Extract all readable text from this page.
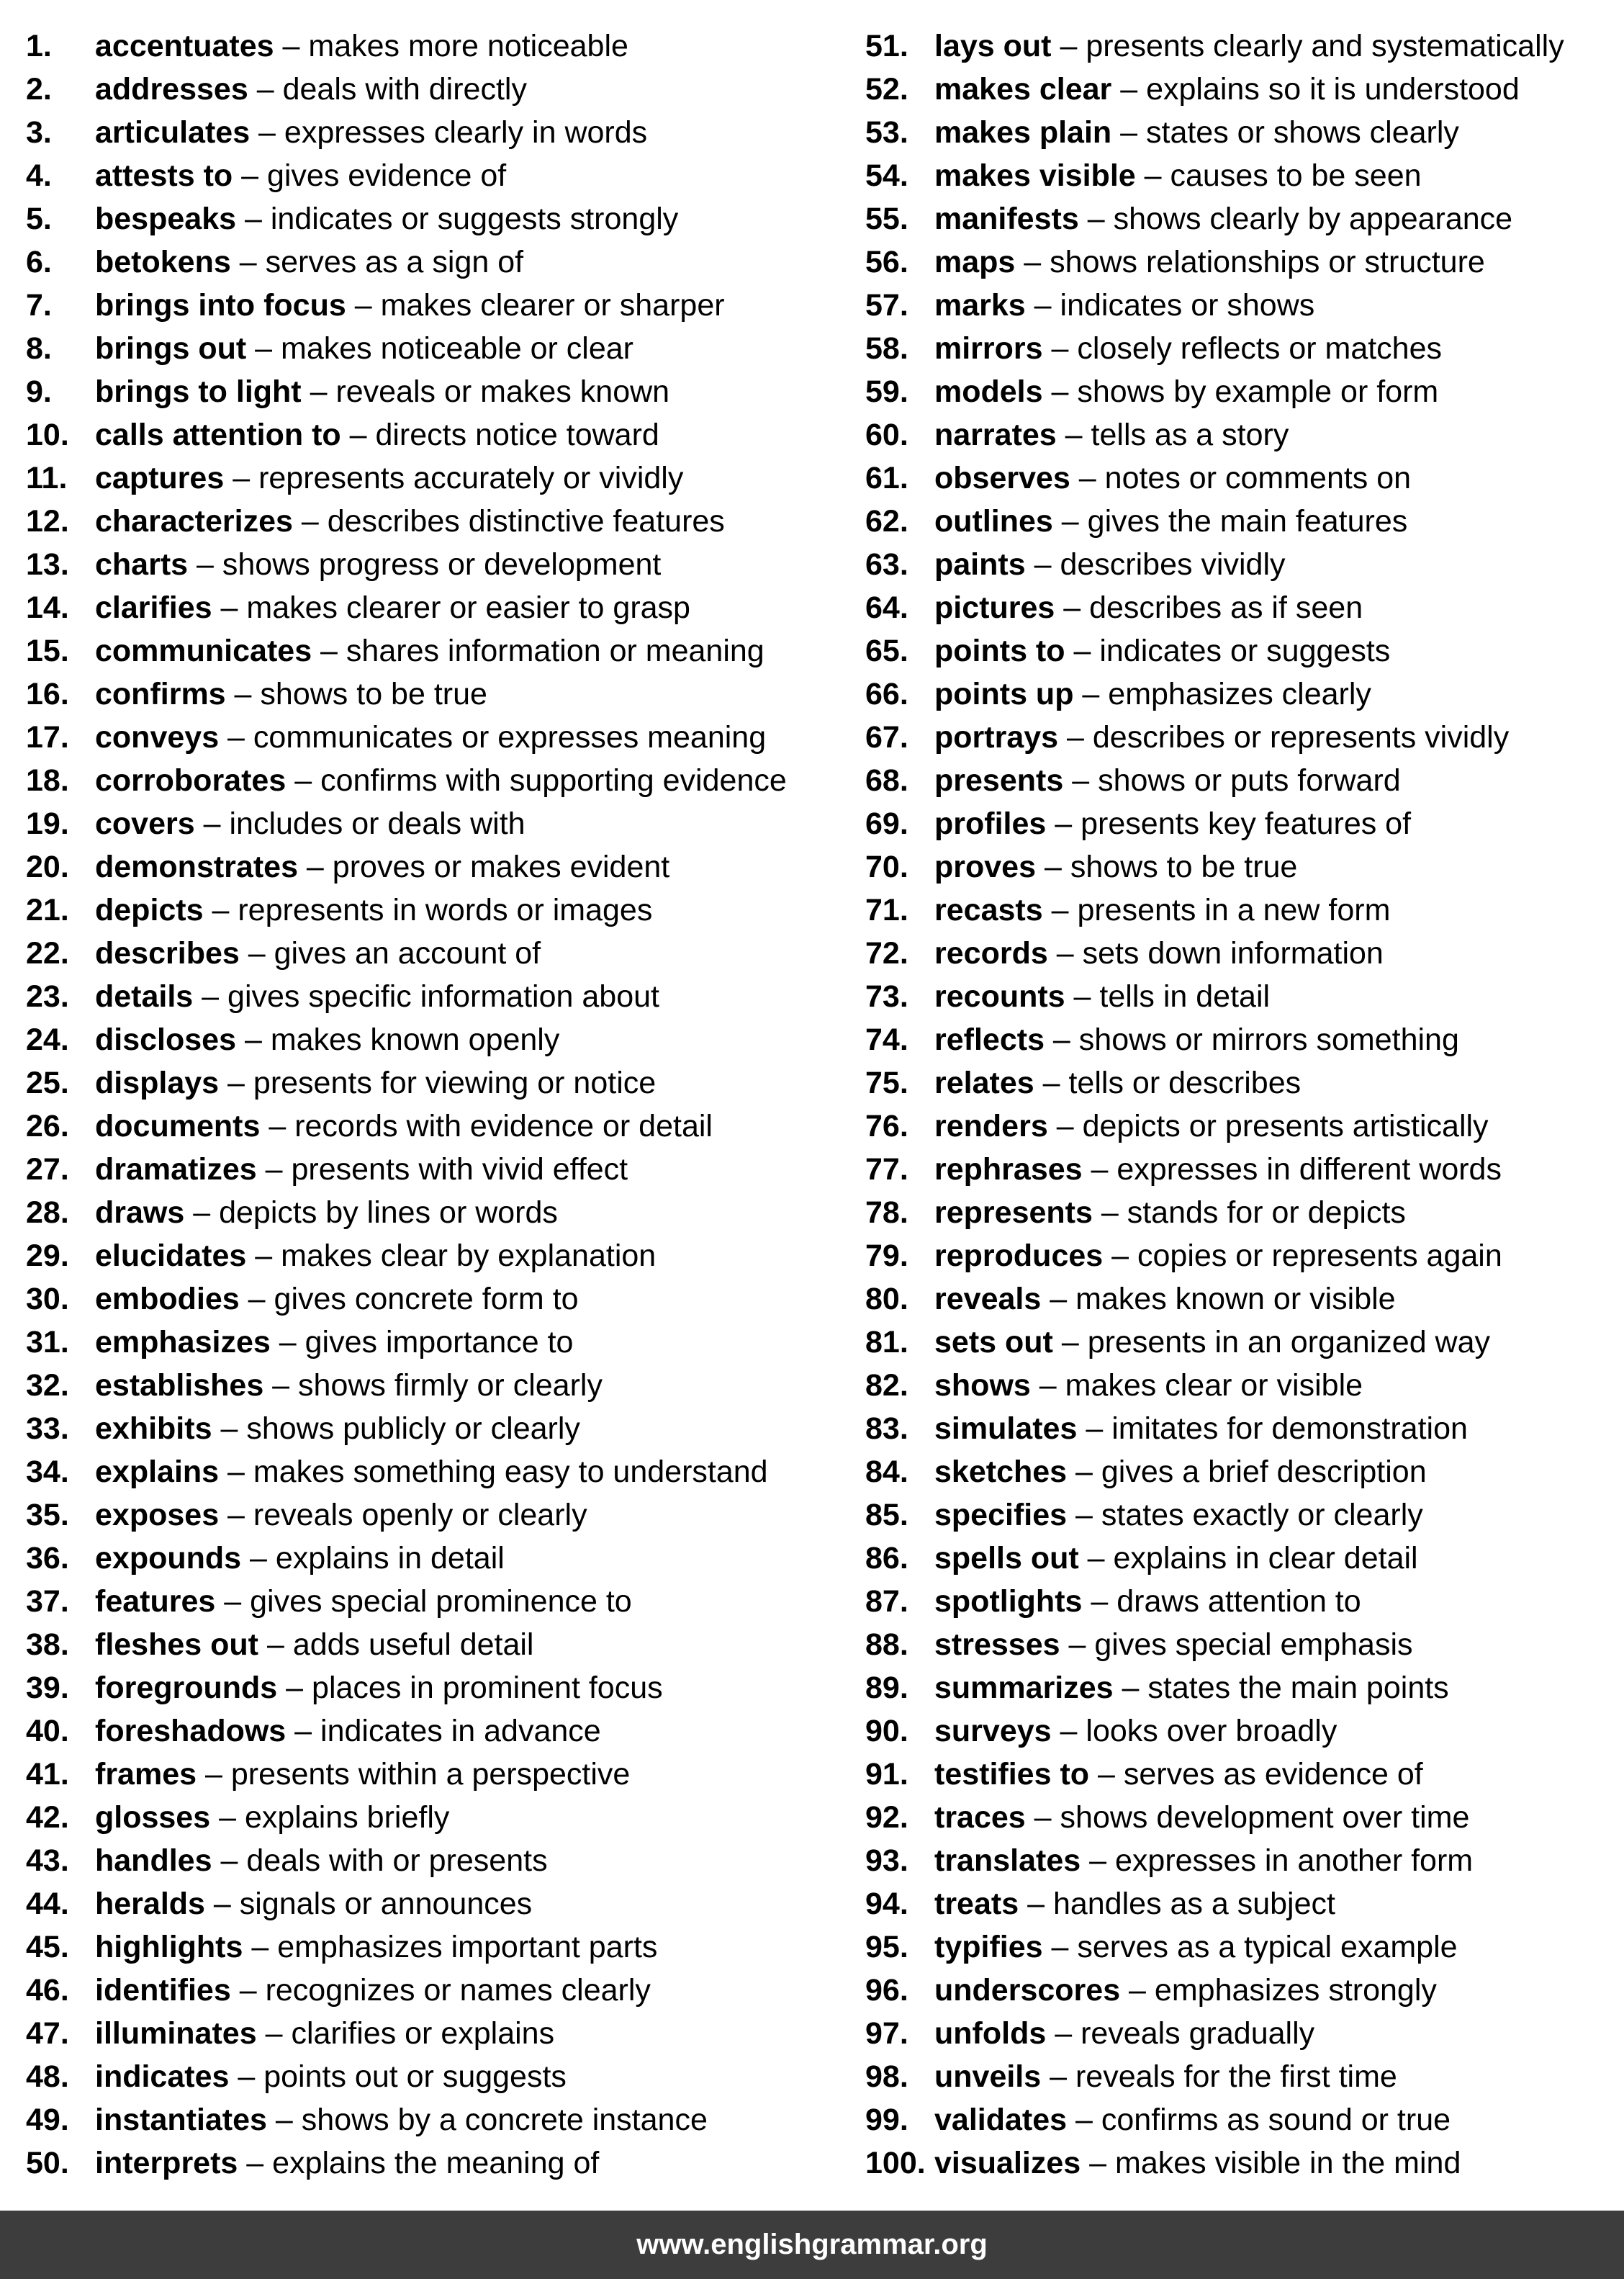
1. accentuates – makes more noticeable
2. addresses – deals with directly
3. articulates – expresses clearly in words
4. attests to – gives evidence of
5. bespeaks – indicates or suggests strongly
6. betokens – serves as a sign of
7. brings into focus – makes clearer or sharper
8. brings out – makes noticeable or clear
9. brings to light – reveals or makes known
10. calls attention to – directs notice toward
11. captures – represents accurately or vividly
12. characterizes – describes distinctive features
13. charts – shows progress or development
14. clarifies – makes clearer or easier to grasp
15. communicates – shares information or meaning
16. confirms – shows to be true
17. conveys – communicates or expresses meaning
18. corroborates – confirms with supporting evidence
19. covers – includes or deals with
20. demonstrates – proves or makes evident
21. depicts – represents in words or images
22. describes – gives an account of
23. details – gives specific information about
24. discloses – makes known openly
25. displays – presents for viewing or notice
26. documents – records with evidence or detail
27. dramatizes – presents with vivid effect
28. draws – depicts by lines or words
29. elucidates – makes clear by explanation
30. embodies – gives concrete form to
31. emphasizes – gives importance to
32. establishes – shows firmly or clearly
33. exhibits – shows publicly or clearly
34. explains – makes something easy to understand
35. exposes – reveals openly or clearly
36. expounds – explains in detail
37. features – gives special prominence to
38. fleshes out – adds useful detail
39. foregrounds – places in prominent focus
40. foreshadows – indicates in advance
41. frames – presents within a perspective
42. glosses – explains briefly
43. handles – deals with or presents
44. heralds – signals or announces
45. highlights – emphasizes important parts
46. identifies – recognizes or names clearly
47. illuminates – clarifies or explains
48. indicates – points out or suggests
49. instantiates – shows by a concrete instance
50. interprets – explains the meaning of
51. lays out – presents clearly and systematically
52. makes clear – explains so it is understood
53. makes plain – states or shows clearly
54. makes visible – causes to be seen
55. manifests – shows clearly by appearance
56. maps – shows relationships or structure
57. marks – indicates or shows
58. mirrors – closely reflects or matches
59. models – shows by example or form
60. narrates – tells as a story
61. observes – notes or comments on
62. outlines – gives the main features
63. paints – describes vividly
64. pictures – describes as if seen
65. points to – indicates or suggests
66. points up – emphasizes clearly
67. portrays – describes or represents vividly
68. presents – shows or puts forward
69. profiles – presents key features of
70. proves – shows to be true
71. recasts – presents in a new form
72. records – sets down information
73. recounts – tells in detail
74. reflects – shows or mirrors something
75. relates – tells or describes
76. renders – depicts or presents artistically
77. rephrases – expresses in different words
78. represents – stands for or depicts
79. reproduces – copies or represents again
80. reveals – makes known or visible
81. sets out – presents in an organized way
82. shows – makes clear or visible
83. simulates – imitates for demonstration
84. sketches – gives a brief description
85. specifies – states exactly or clearly
86. spells out – explains in clear detail
87. spotlights – draws attention to
88. stresses – gives special emphasis
89. summarizes – states the main points
90. surveys – looks over broadly
91. testifies to – serves as evidence of
92. traces – shows development over time
93. translates – expresses in another form
94. treats – handles as a subject
95. typifies – serves as a typical example
96. underscores – emphasizes strongly
97. unfolds – reveals gradually
98. unveils – reveals for the first time
99. validates – confirms as sound or true
100. visualizes – makes visible in the mind
www.englishgrammar.org
